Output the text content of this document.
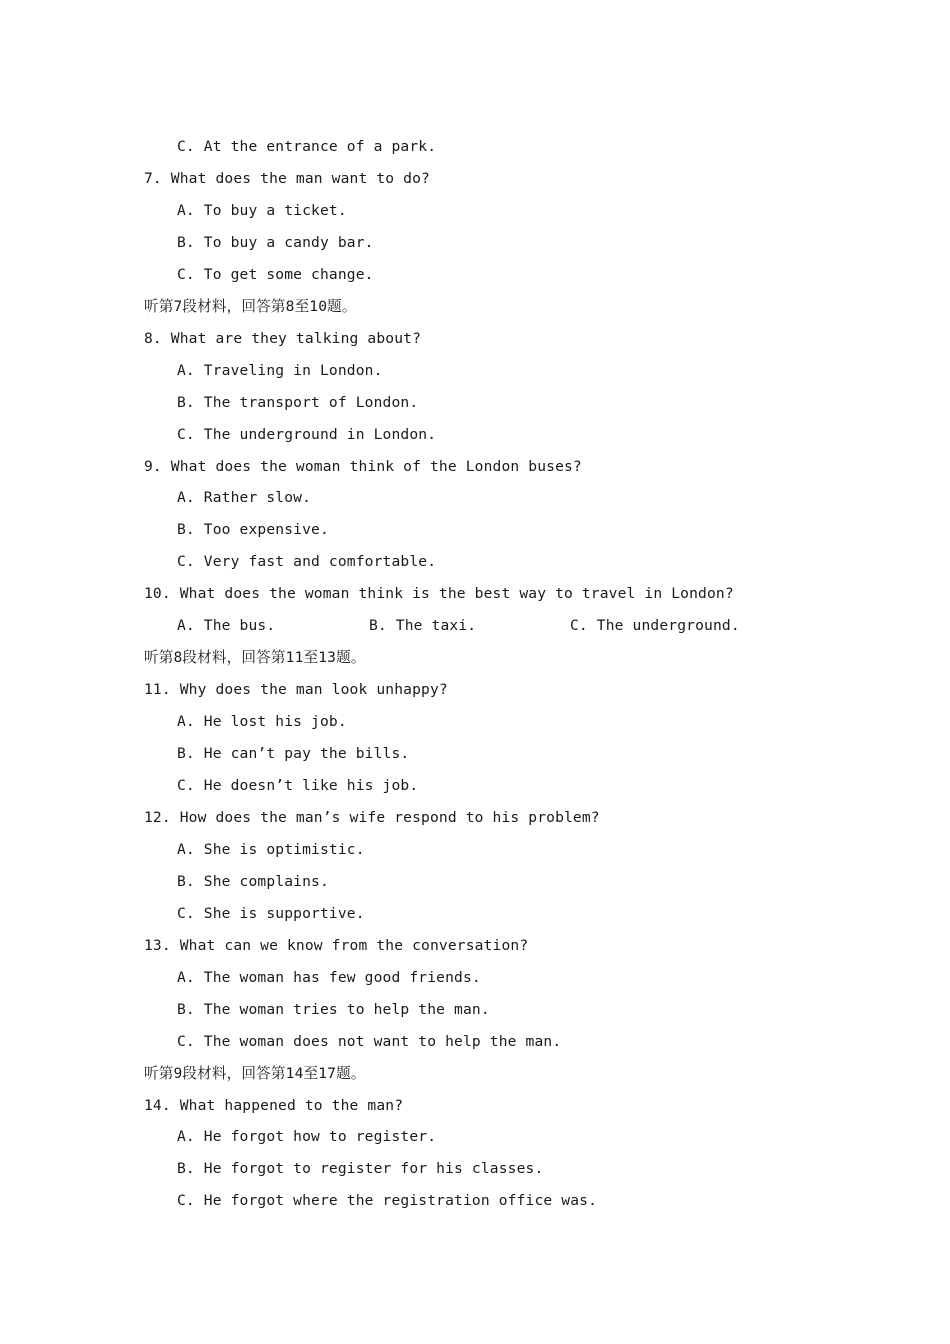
C. At the entrance of a park.
7. What does the man want to do?
A. To buy a ticket.
B. To buy a candy bar.
C. To get some change.
听第7段材料，回答第8至10题。
8. What are they talking about?
A. Traveling in London.
B. The transport of London.
C. The underground in London.
9. What does the woman think of the London buses?
A. Rather slow.
B. Too expensive.
C. Very fast and comfortable.
10. What does the woman think is the best way to travel in London?
A. The bus.	B. The taxi.	C. The underground.
听第8段材料，回答第11至13题。
11. Why does the man look unhappy?
A. He lost his job.
B. He can’t pay the bills.
C. He doesn’t like his job.
12. How does the man’s wife respond to his problem?
A. She is optimistic.
B. She complains.
C. She is supportive.
13. What can we know from the conversation?
A. The woman has few good friends.
B. The woman tries to help the man.
C. The woman does not want to help the man.
听第9段材料，回答第14至17题。
14. What happened to the man?
A. He forgot how to register.
B. He forgot to register for his classes.
C. He forgot where the registration office was.
